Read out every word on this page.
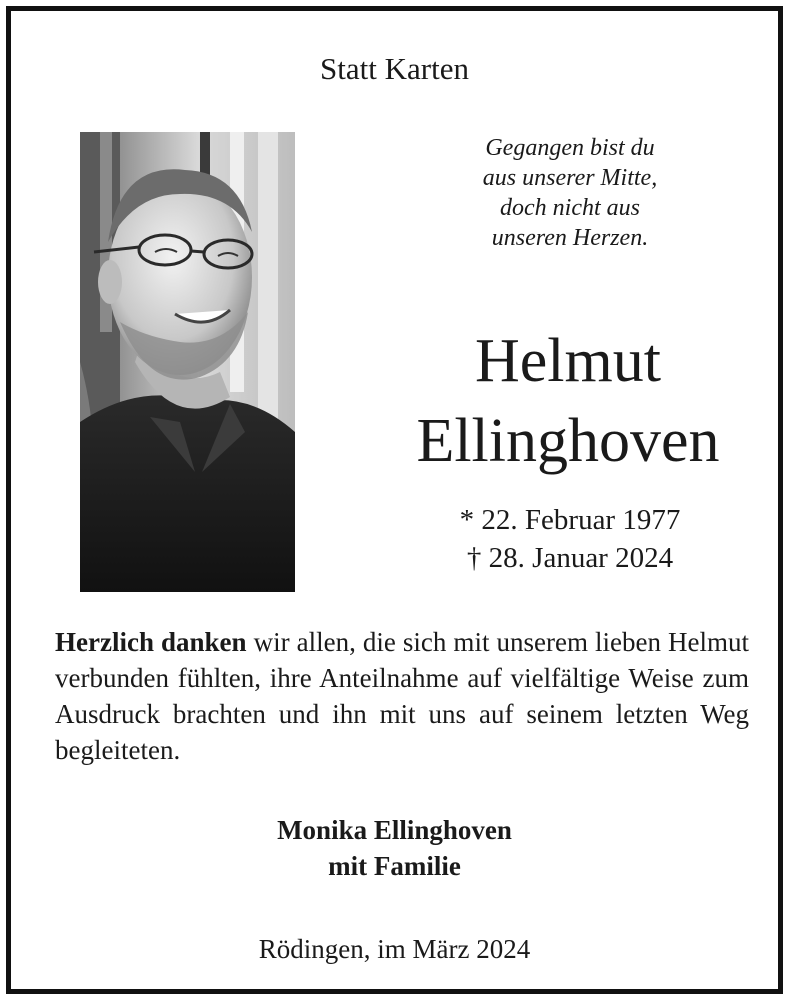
Statt Karten
Gegangen bist du
aus unserer Mitte,
doch nicht aus
unseren Herzen.
Helmut
Ellinghoven
* 22. Februar 1977
† 28. Januar 2024
Herzlich danken wir allen, die sich mit unserem lieben Helmut verbunden fühlten, ihre Anteilnahme auf vielfältige Weise zum Ausdruck brachten und ihn mit uns auf seinem letzten Weg begleiteten.
Monika Ellinghoven
mit Familie
Rödingen, im März 2024
